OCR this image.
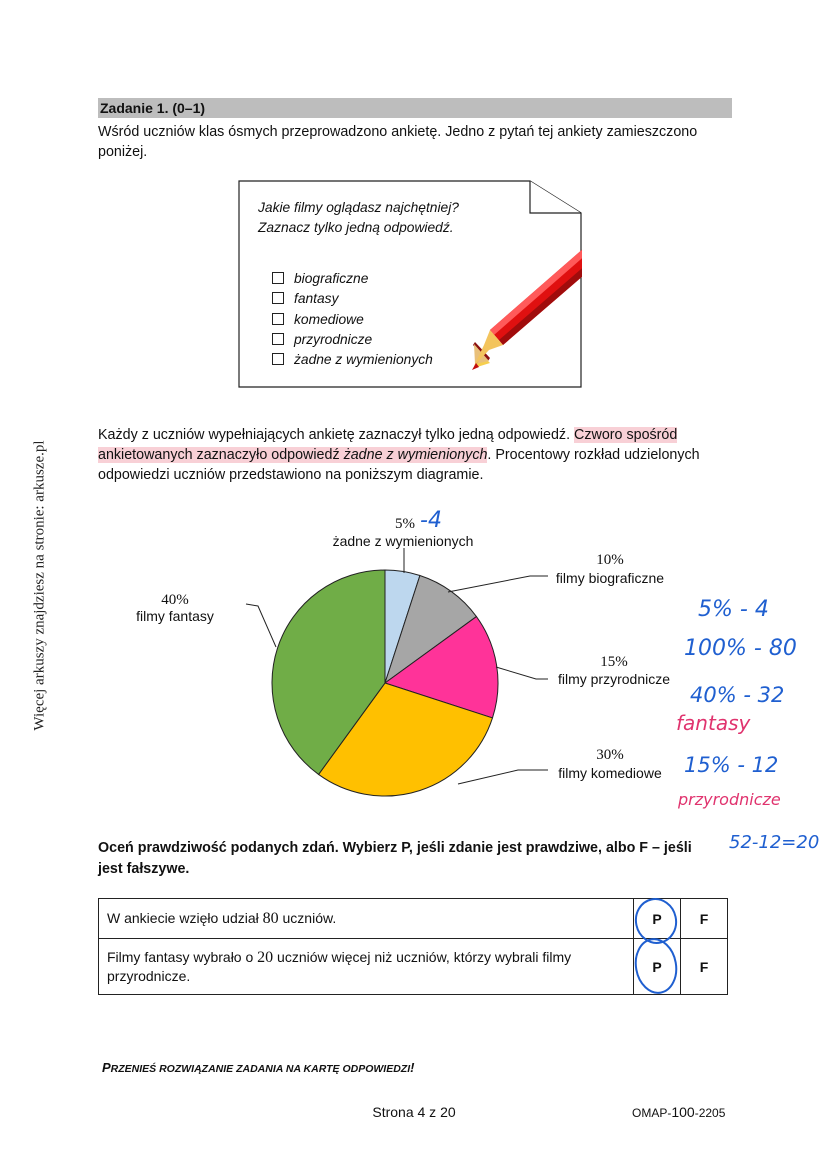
Więcej arkuszy znajdziesz na stronie: arkusze.pl
Zadanie 1. (0–1)
Wśród uczniów klas ósmych przeprowadzono ankietę. Jedno z pytań tej ankiety zamieszczono poniżej.
Jakie filmy oglądasz najchętniej?
Zaznacz tylko jedną odpowiedź.
biograficzne
fantasy
komediowe
przyrodnicze
żadne z wymienionych
Każdy z uczniów wypełniających ankietę zaznaczył tylko jedną odpowiedź. Czworo spośród ankietowanych zaznaczyło odpowiedź żadne z wymienionych. Procentowy rozkład udzielonych odpowiedzi uczniów przedstawiono na poniższym diagramie.
5%
żadne z wymienionych
10%
filmy biograficzne
15%
filmy przyrodnicze
30%
filmy komediowe
40%
filmy fantasy
-4
5% - 4
100% - 80
40% - 32
fantasy
15% - 12
przyrodnicze
52-12=20
Oceń prawdziwość podanych zdań. Wybierz P, jeśli zdanie jest prawdziwe, albo F – jeśli jest fałszywe.
W ankiecie wzięło udział 80 uczniów.	P	F
Filmy fantasy wybrało o 20 uczniów więcej niż uczniów, którzy wybrali filmy przyrodnicze.	P	F
PRZENIEŚ ROZWIĄZANIE ZADANIA NA KARTĘ ODPOWIEDZI!
Strona 4 z 20	OMAP-100-2205
